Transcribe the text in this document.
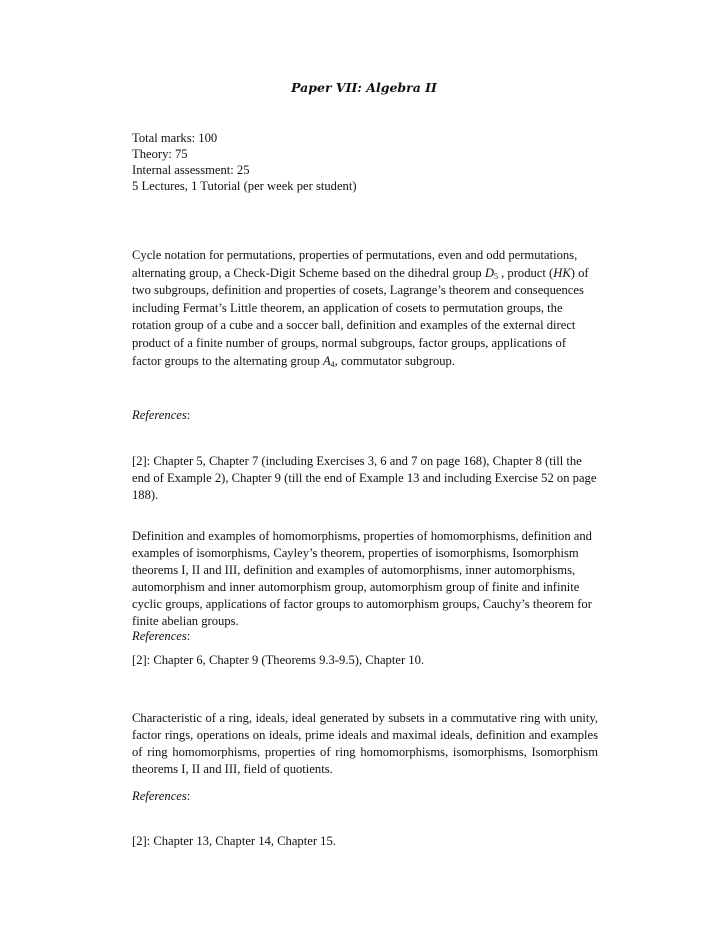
Paper VII: Algebra II
Total marks: 100
Theory: 75
Internal assessment: 25
5 Lectures, 1 Tutorial (per week per student)
Cycle notation for permutations, properties of permutations, even and odd permutations, alternating group, a Check-Digit Scheme based on the dihedral group $D_5$ , product (HK) of two subgroups, definition and properties of cosets, Lagrange’s theorem and consequences including Fermat’s Little theorem, an application of cosets to permutation groups, the rotation group of a cube and a soccer ball, definition and examples of the external direct product of a finite number of groups, normal subgroups, factor groups, applications of factor groups to the alternating group $A_4$, commutator subgroup.
References:
[2]: Chapter 5, Chapter 7 (including Exercises 3, 6 and 7 on page 168), Chapter 8 (till the end of Example 2), Chapter 9 (till the end of Example 13 and including Exercise 52 on page 188).
Definition and examples of homomorphisms, properties of homomorphisms, definition and examples of isomorphisms, Cayley’s theorem, properties of isomorphisms, Isomorphism theorems I, II and III, definition and examples of automorphisms, inner automorphisms, automorphism and inner automorphism group, automorphism group of finite and infinite cyclic groups, applications of factor groups to automorphism groups, Cauchy’s theorem for finite abelian groups.
References:
[2]: Chapter 6, Chapter 9 (Theorems 9.3-9.5), Chapter 10.
Characteristic of a ring, ideals, ideal generated by subsets in a commutative ring with unity, factor rings, operations on ideals, prime ideals and maximal ideals, definition and examples of ring homomorphisms, properties of ring homomorphisms, isomorphisms, Isomorphism theorems I, II and III, field of quotients.
References:
[2]: Chapter 13, Chapter 14, Chapter 15.
